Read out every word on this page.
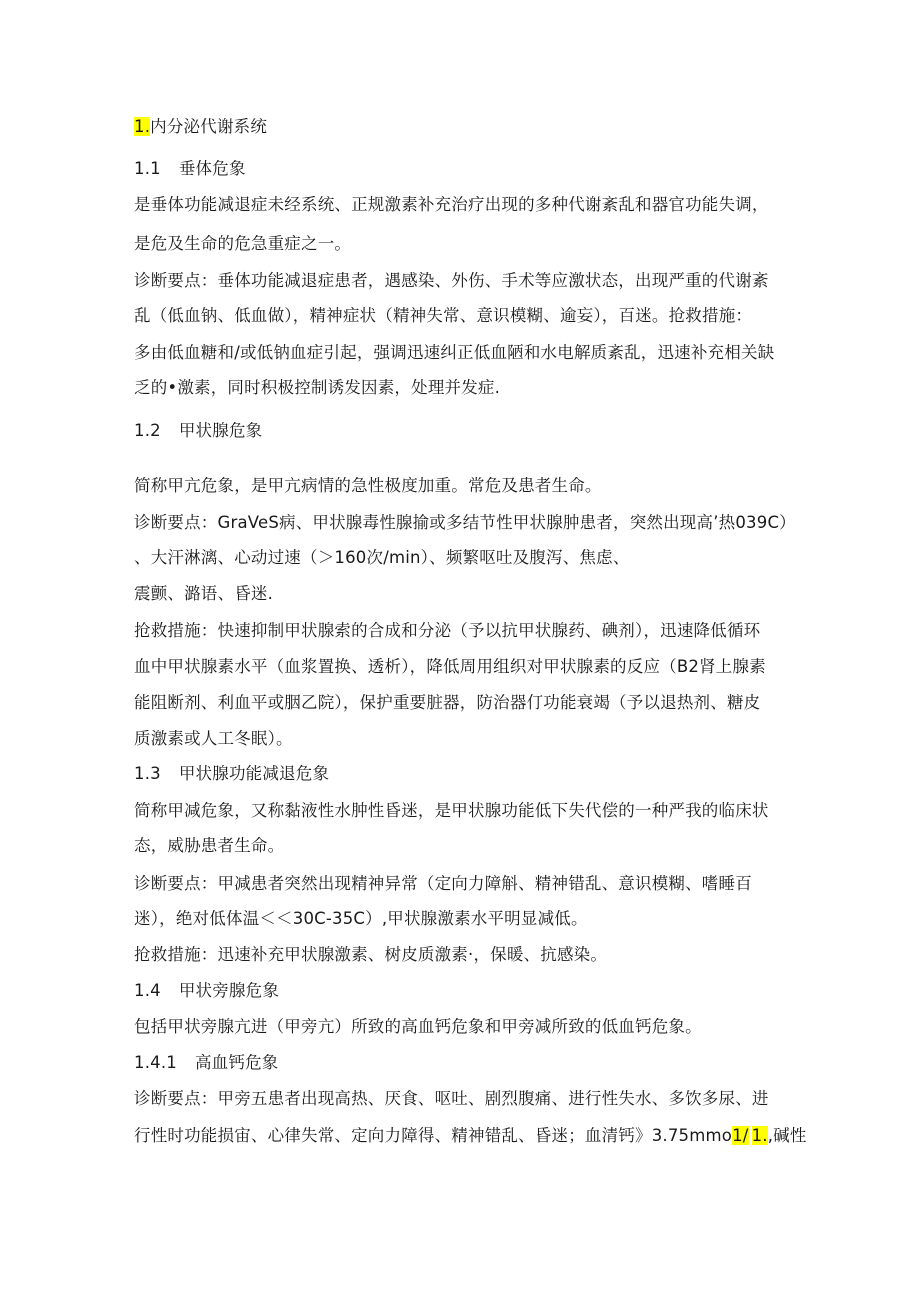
1.内分泌代谢系统
1.1 垂体危象
是垂体功能减退症未经系统、正规激素补充治疗出现的多种代谢紊乱和器官功能失调，
是危及生命的危急重症之一。
诊断要点：垂体功能减退症患者，遇感染、外伤、手术等应激状态，出现严重的代谢紊
乱（低血钠、低血做），精神症状（精神失常、意识模糊、逾妄），百迷。抢救措施：
多由低血糖和/或低钠血症引起，强调迅速纠正低血陋和水电解质紊乱，迅速补充相关缺
乏的•激素，同时积极控制诱发因素，处理并发症.
1.2 甲状腺危象
简称甲亢危象，是甲亢病情的急性极度加重。常危及患者生命。
诊断要点：GraVeS病、甲状腺毒性腺揄或多结节性甲状腺肿患者，突然出现高’热039C）
、大汗淋漓、心动过速（＞160次/min）、频繁呕吐及腹泻、焦虑、
震颤、潞语、昏迷.
抢救措施：快速抑制甲状腺索的合成和分泌（予以抗甲状腺药、碘剂），迅速降低循环
血中甲状腺素水平（血浆置换、透析），降低周用组织对甲状腺素的反应（B2肾上腺素
能阻断剂、利血平或胭乙院），保护重要脏器，防治器仃功能衰竭（予以退热剂、糖皮
质激素或人工冬眠）。
1.3 甲状腺功能减退危象
简称甲减危象，又称黏液性水肿性昏迷，是甲状腺功能低下失代偿的一种严我的临床状
态，威胁患者生命。
诊断要点：甲减患者突然出现精神异常（定向力障斛、精神错乱、意识模糊、嗜睡百
迷），绝对低体温＜＜30C-35C）,甲状腺激素水平明显减低。
抢救措施：迅速补充甲状腺激素、树皮质激素·，保暖、抗感染。
1.4 甲状旁腺危象
包括甲状旁腺亢进（甲旁亢）所致的高血钙危象和甲旁减所致的低血钙危象。
1.4.1 高血钙危象
诊断要点：甲旁五患者出现高热、厌食、呕吐、剧烈腹痛、进行性失水、多饮多尿、进
行性时功能损宙、心律失常、定向力障得、精神错乱、昏迷；血清钙》3.75mmo1/ 1.,碱性
